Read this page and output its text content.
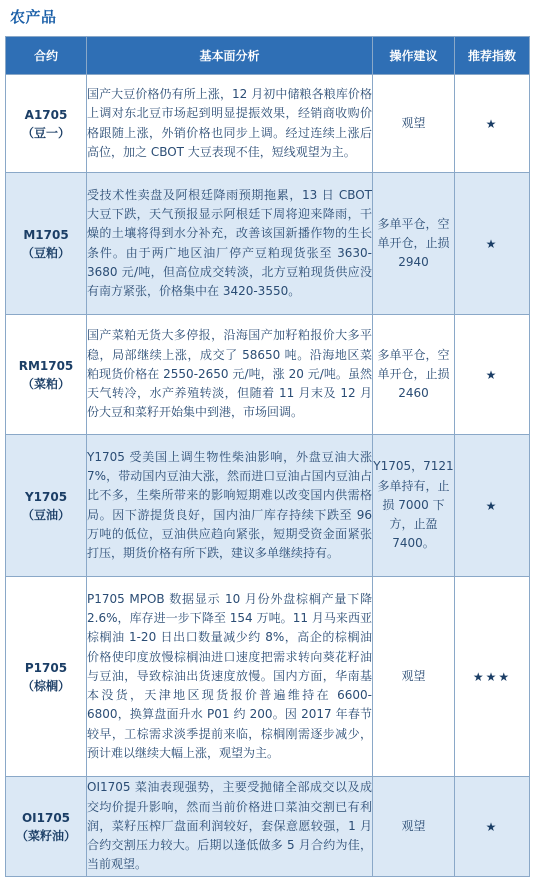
农产品
合约	基本面分析	操作建议	推荐指数

A1705
（豆一）	国产大豆价格仍有所上涨，12 月初中储粮各粮库价格上调对东北豆市场起到明显提振效果，经销商收购价格跟随上涨，外销价格也同步上调。经过连续上涨后高位，加之 CBOT 大豆表现不佳，短线观望为主。	观望	★

M1705
（豆粕）	受技术性卖盘及阿根廷降雨预期拖累，13 日 CBOT 大豆下跌，天气预报显示阿根廷下周将迎来降雨，干燥的土壤将得到水分补充，改善该国新播作物的生长条件。由于两广地区油厂停产豆粕现货张至 3630-3680 元/吨，但高位成交转淡，北方豆粕现货供应没有南方紧张，价格集中在 3420-3550。	多单平仓，空单开仓，止损 2940	★

RM1705
（菜粕）	国产菜粕无货大多停报，沿海国产加籽粕报价大多平稳，局部继续上涨，成交了 58650 吨。沿海地区菜粕现货价格在 2550-2650 元/吨，涨 20 元/吨。虽然天气转冷，水产养殖转淡，但随着 11 月末及 12 月份大豆和菜籽开始集中到港，市场回调。	多单平仓，空单开仓，止损 2460	★

Y1705
（豆油）	Y1705 受美国上调生物性柴油影响，外盘豆油大涨 7%，带动国内豆油大涨，然而进口豆油占国内豆油占比不多，生柴所带来的影响短期难以改变国内供需格局。因下游提货良好，国内油厂库存持续下跌至 96 万吨的低位，豆油供应趋向紧张，短期受资金面紧张打压，期货价格有所下跌，建议多单继续持有。	Y1705，7121 多单持有，止损 7000 下方，止盈 7400。	★

P1705
（棕榈）	P1705 MPOB 数据显示 10 月份外盘棕榈产量下降 2.6%，库存进一步下降至 154 万吨。11 月马来西亚棕榈油 1-20 日出口数量减少约 8%，高企的棕榈油价格使印度放慢棕榈油进口速度把需求转向葵花籽油与豆油，导致棕油出货速度放慢。国内方面，华南基本没货，天津地区现货报价普遍维持在 6600-6800，换算盘面升水 P01 约 200。因 2017 年春节较早，工棕需求淡季提前来临，棕榈刚需逐步减少，预计难以继续大幅上涨，观望为主。	观望	★★★

OI1705
（菜籽油）	OI1705 菜油表现强势，主要受抛储全部成交以及成交均价提升影响，然而当前价格进口菜油交割已有利润，菜籽压榨厂盘面利润较好，套保意愿较强，1 月合约交割压力较大。后期以逢低做多 5 月合约为佳，当前观望。	观望	★
